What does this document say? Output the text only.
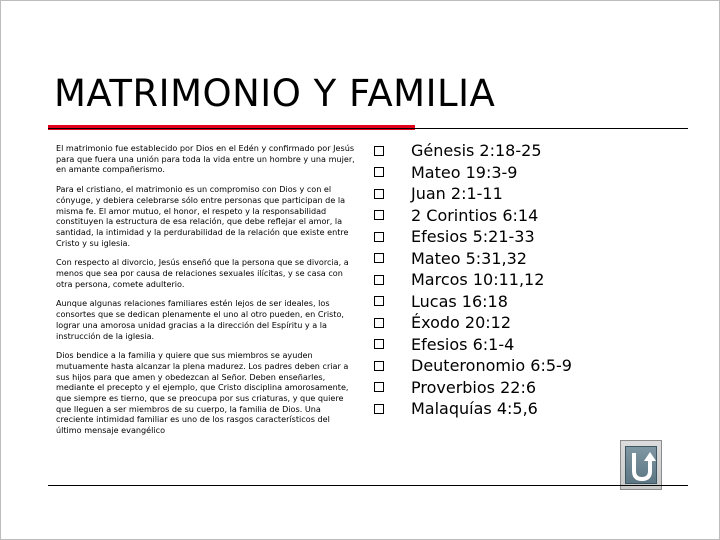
MATRIMONIO Y FAMILIA

El matrimonio fue establecido por Dios en el Edén y confirmado por Jesús para que fuera una unión para toda la vida entre un hombre y una mujer, en amante compañerismo.

Para el cristiano, el matrimonio es un compromiso con Dios y con el cónyuge, y debiera celebrarse sólo entre personas que participan de la misma fe. El amor mutuo, el honor, el respeto y la responsabilidad constituyen la estructura de esa relación, que debe reflejar el amor, la santidad, la intimidad y la perdurabilidad de la relación que existe entre Cristo y su iglesia.

Con respecto al divorcio, Jesús enseñó que la persona que se divorcia, a menos que sea por causa de relaciones sexuales ilícitas, y se casa con otra persona, comete adulterio.

Aunque algunas relaciones familiares estén lejos de ser ideales, los consortes que se dedican plenamente el uno al otro pueden, en Cristo, lograr una amorosa unidad gracias a la dirección del Espíritu y a la instrucción de la iglesia.

Dios bendice a la familia y quiere que sus miembros se ayuden mutuamente hasta alcanzar la plena madurez. Los padres deben criar a sus hijos para que amen y obedezcan al Señor. Deben enseñarles, mediante el precepto y el ejemplo, que Cristo disciplina amorosamente, que siempre es tierno, que se preocupa por sus criaturas, y que quiere que lleguen a ser miembros de su cuerpo, la familia de Dios. Una creciente intimidad familiar es uno de los rasgos característicos del último mensaje evangélico

Génesis 2:18-25
Mateo 19:3-9
Juan 2:1-11
2 Corintios 6:14
Efesios 5:21-33
Mateo 5:31,32
Marcos 10:11,12
Lucas 16:18
Éxodo 20:12
Efesios 6:1-4
Deuteronomio 6:5-9
Proverbios 22:6
Malaquías 4:5,6
